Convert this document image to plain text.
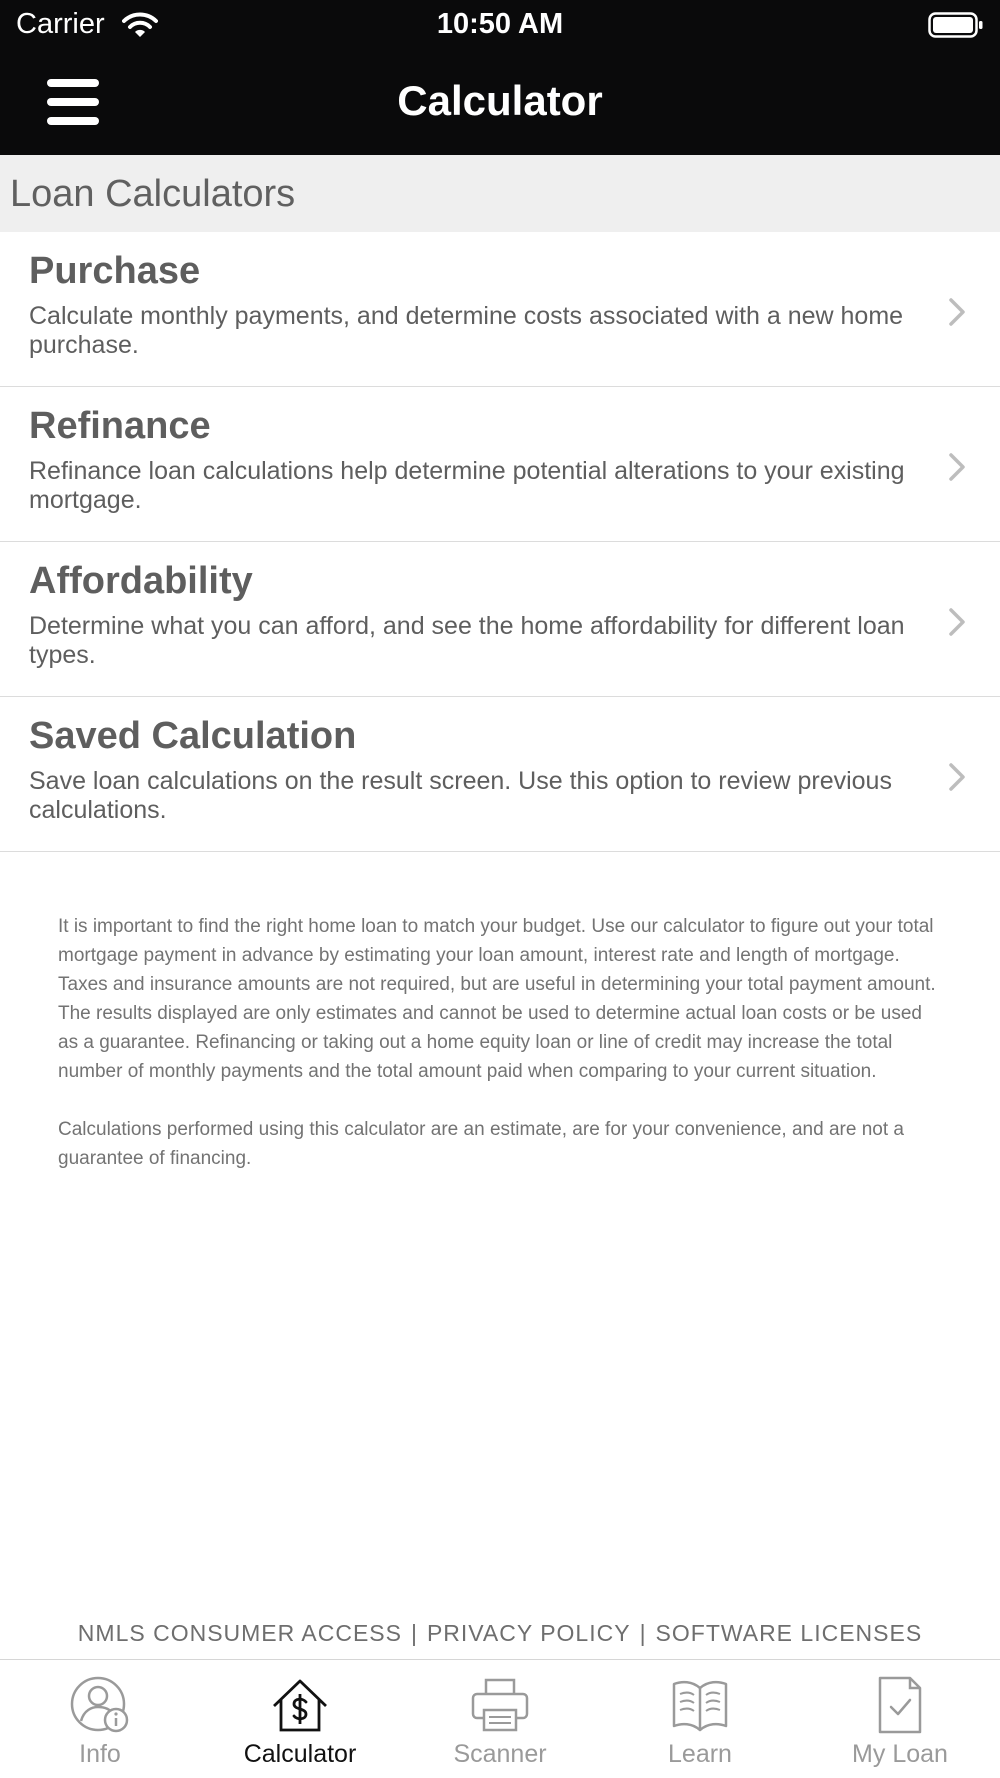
Carrier	10:50 AM
Calculator
Loan Calculators
Purchase
Calculate monthly payments, and determine costs associated with a new home purchase.
Refinance
Refinance loan calculations help determine potential alterations to your existing mortgage.
Affordability
Determine what you can afford, and see the home affordability for different loan types.
Saved Calculation
Save loan calculations on the result screen. Use this option to review previous calculations.

It is important to find the right home loan to match your budget. Use our calculator to figure out your total mortgage payment in advance by estimating your loan amount, interest rate and length of mortgage. Taxes and insurance amounts are not required, but are useful in determining your total payment amount. The results displayed are only estimates and cannot be used to determine actual loan costs or be used as a guarantee. Refinancing or taking out a home equity loan or line of credit may increase the total number of monthly payments and the total amount paid when comparing to your current situation.

Calculations performed using this calculator are an estimate, are for your convenience, and are not a guarantee of financing.

NMLS CONSUMER ACCESS | PRIVACY POLICY | SOFTWARE LICENSES
Info	Calculator	Scanner	Learn	My Loan
